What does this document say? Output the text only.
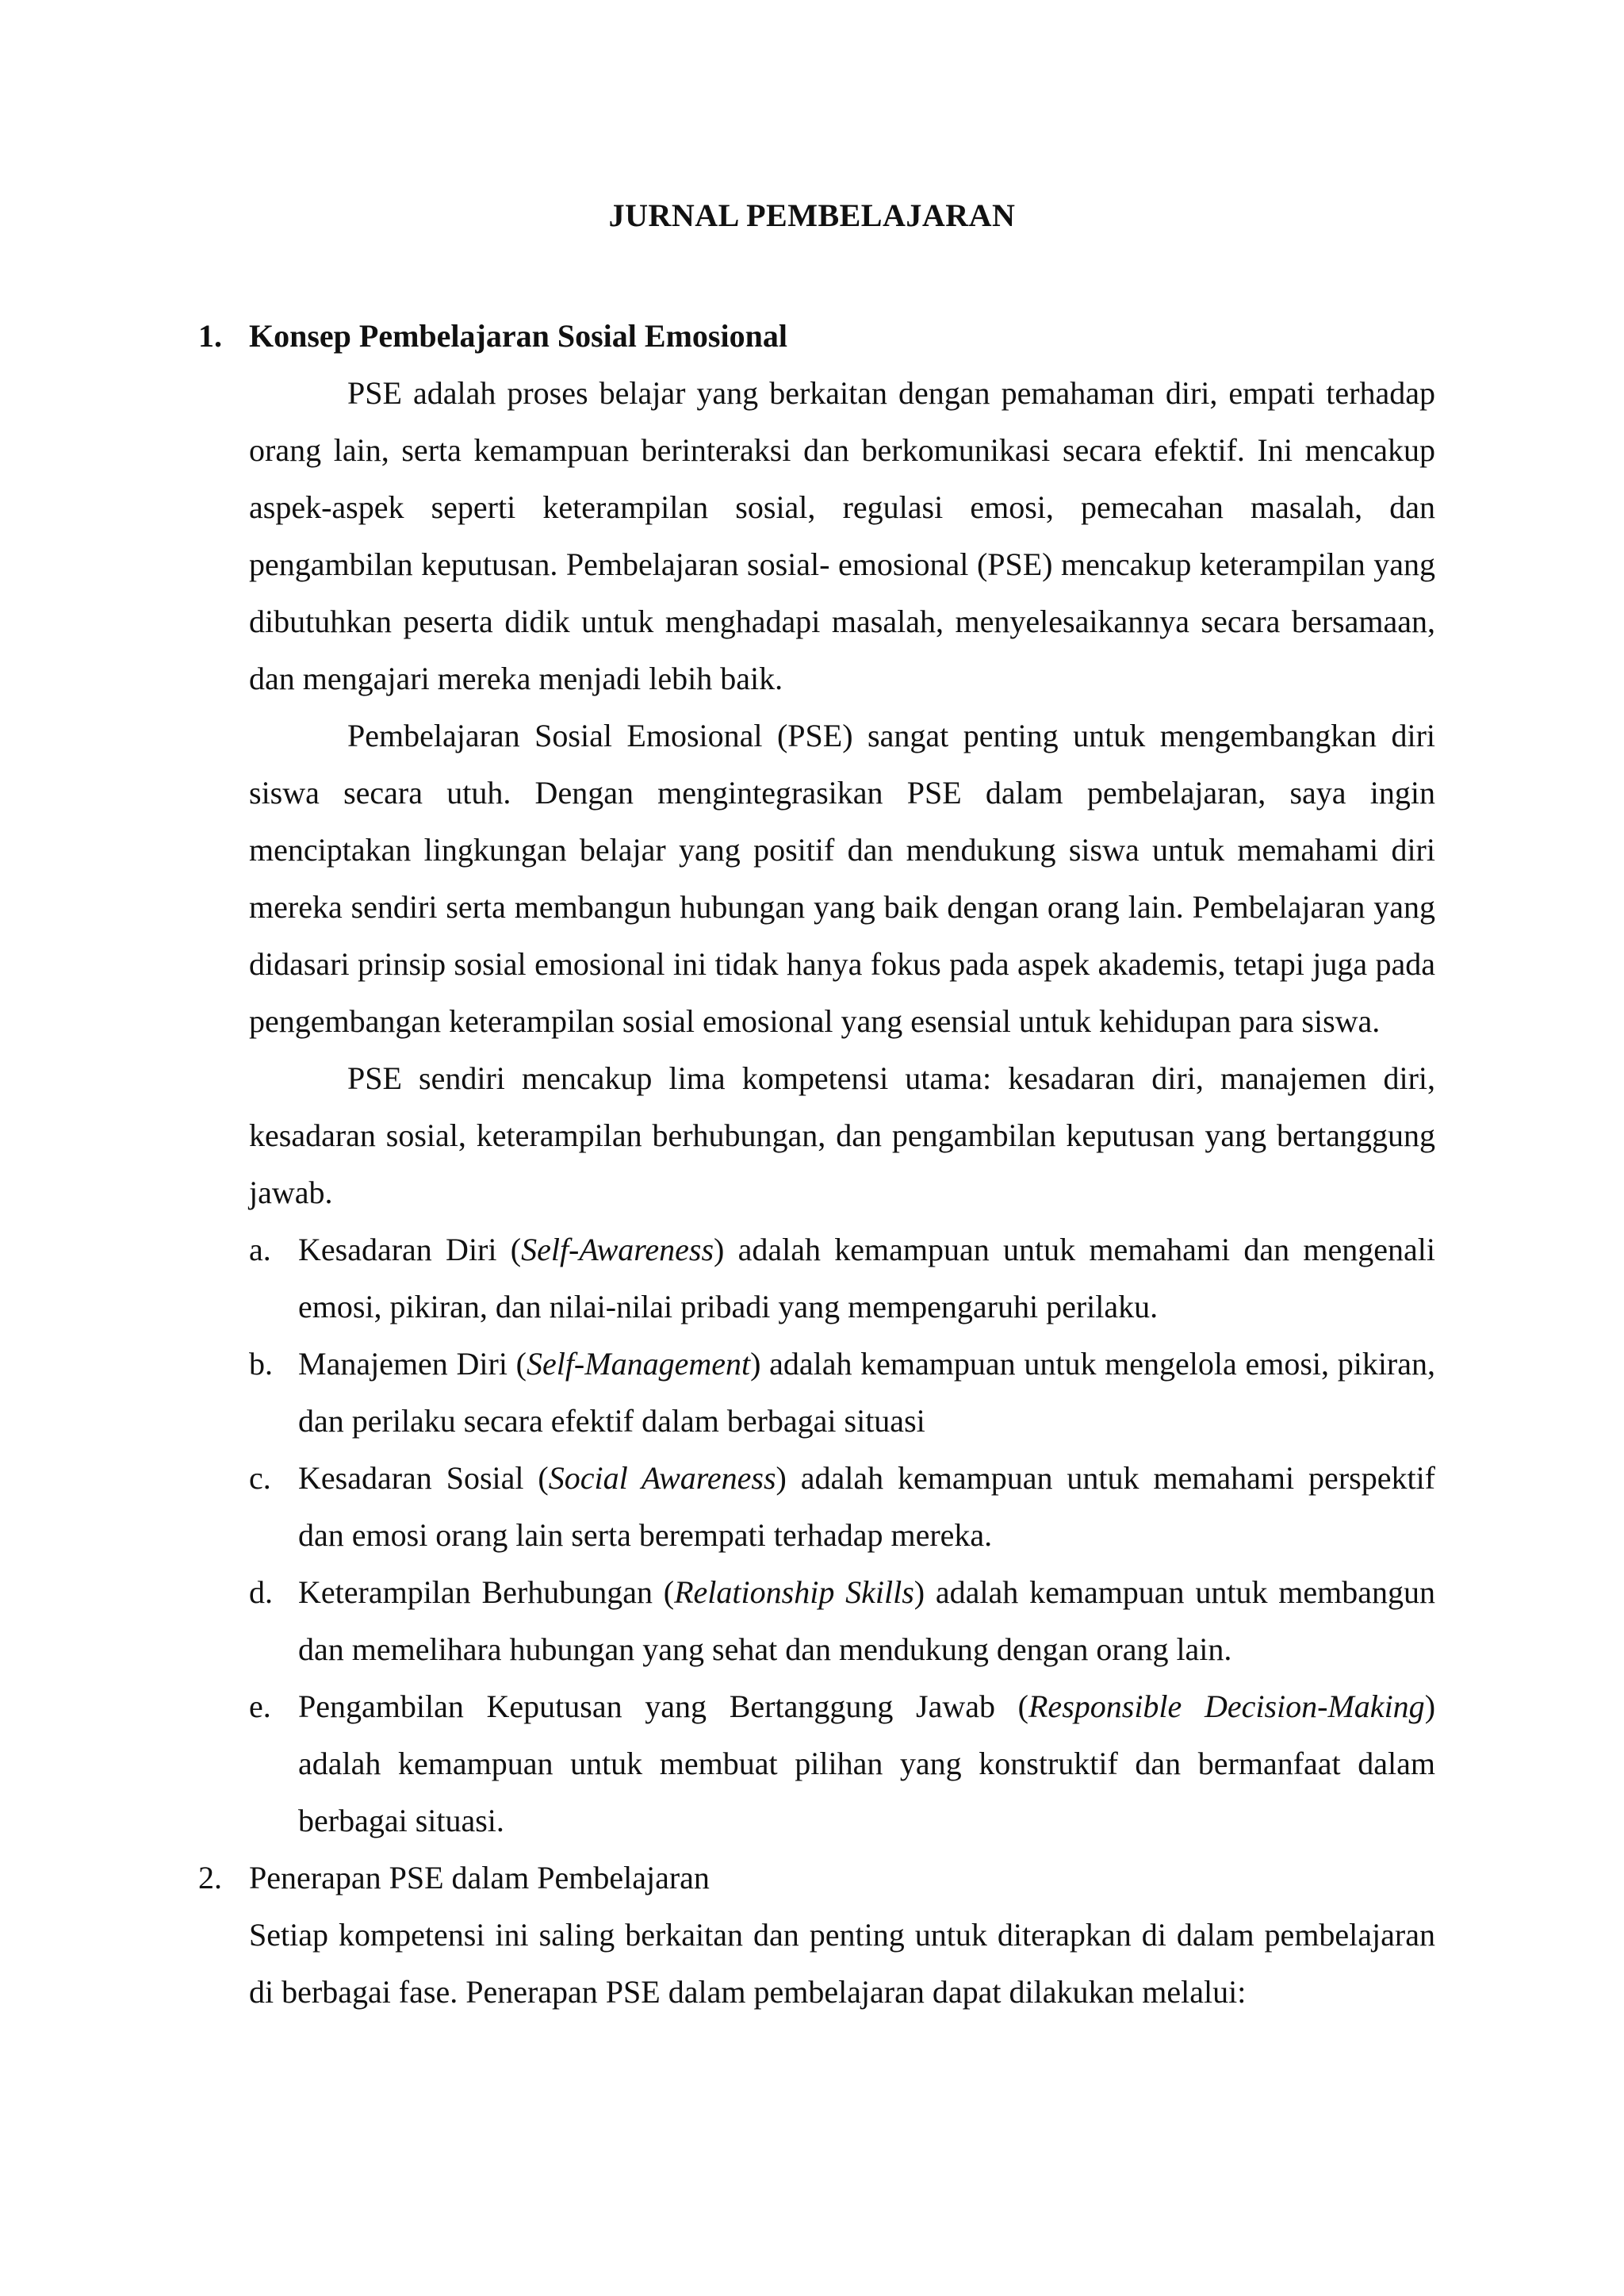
JURNAL PEMBELAJARAN
1. Konsep Pembelajaran Sosial Emosional

PSE adalah proses belajar yang berkaitan dengan pemahaman diri, empati terhadap orang lain, serta kemampuan berinteraksi dan berkomunikasi secara efektif. Ini mencakup aspek-aspek seperti keterampilan sosial, regulasi emosi, pemecahan masalah, dan pengambilan keputusan. Pembelajaran sosial- emosional (PSE) mencakup keterampilan yang dibutuhkan peserta didik untuk menghadapi masalah, menyelesaikannya secara bersamaan, dan mengajari mereka menjadi lebih baik.

Pembelajaran Sosial Emosional (PSE) sangat penting untuk mengembangkan diri siswa secara utuh. Dengan mengintegrasikan PSE dalam pembelajaran, saya ingin menciptakan lingkungan belajar yang positif dan mendukung siswa untuk memahami diri mereka sendiri serta membangun hubungan yang baik dengan orang lain. Pembelajaran yang didasari prinsip sosial emosional ini tidak hanya fokus pada aspek akademis, tetapi juga pada pengembangan keterampilan sosial emosional yang esensial untuk kehidupan para siswa.

PSE sendiri mencakup lima kompetensi utama: kesadaran diri, manajemen diri, kesadaran sosial, keterampilan berhubungan, dan pengambilan keputusan yang bertanggung jawab.

a. Kesadaran Diri (Self-Awareness) adalah kemampuan untuk memahami dan mengenali emosi, pikiran, dan nilai-nilai pribadi yang mempengaruhi perilaku.
b. Manajemen Diri (Self-Management) adalah kemampuan untuk mengelola emosi, pikiran, dan perilaku secara efektif dalam berbagai situasi
c. Kesadaran Sosial (Social Awareness) adalah kemampuan untuk memahami perspektif dan emosi orang lain serta berempati terhadap mereka.
d. Keterampilan Berhubungan (Relationship Skills) adalah kemampuan untuk membangun dan memelihara hubungan yang sehat dan mendukung dengan orang lain.
e. Pengambilan Keputusan yang Bertanggung Jawab (Responsible Decision-Making) adalah kemampuan untuk membuat pilihan yang konstruktif dan bermanfaat dalam berbagai situasi.
2. Penerapan PSE dalam Pembelajaran

Setiap kompetensi ini saling berkaitan dan penting untuk diterapkan di dalam pembelajaran di berbagai fase. Penerapan PSE dalam pembelajaran dapat dilakukan melalui:
